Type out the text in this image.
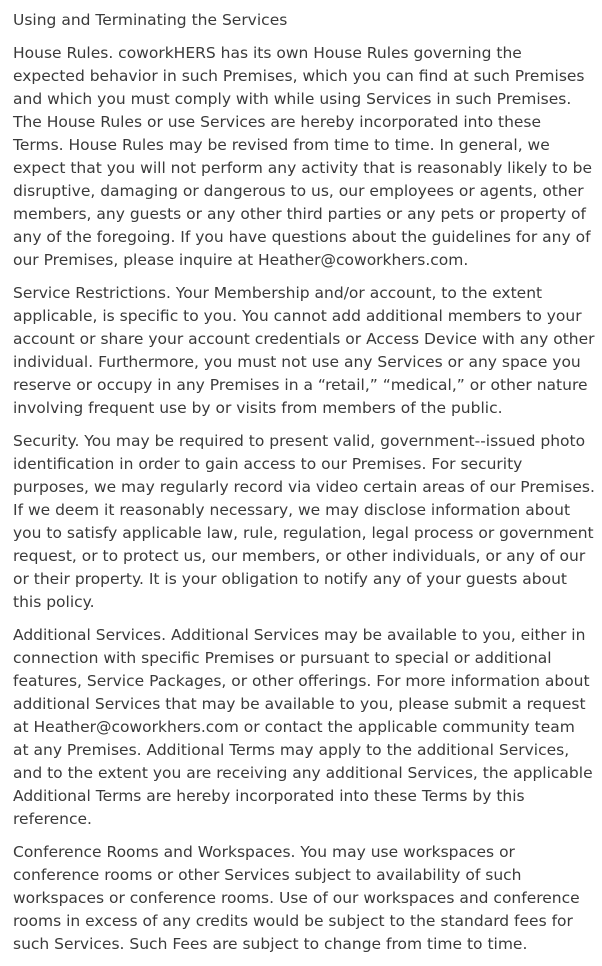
Using and Terminating the Services

House Rules. coworkHERS has its own House Rules governing the expected behavior in such Premises, which you can find at such Premises and which you must comply with while using Services in such Premises. The House Rules or use Services are hereby incorporated into these Terms. House Rules may be revised from time to time. In general, we expect that you will not perform any activity that is reasonably likely to be disruptive, damaging or dangerous to us, our employees or agents, other members, any guests or any other third parties or any pets or property of any of the foregoing. If you have questions about the guidelines for any of our Premises, please inquire at Heather@coworkhers.com.

Service Restrictions. Your Membership and/or account, to the extent applicable, is specific to you. You cannot add additional members to your account or share your account credentials or Access Device with any other individual. Furthermore, you must not use any Services or any space you reserve or occupy in any Premises in a “retail,” “medical,” or other nature involving frequent use by or visits from members of the public.

Security. You may be required to present valid, government--issued photo identification in order to gain access to our Premises. For security purposes, we may regularly record via video certain areas of our Premises. If we deem it reasonably necessary, we may disclose information about you to satisfy applicable law, rule, regulation, legal process or government request, or to protect us, our members, or other individuals, or any of our or their property. It is your obligation to notify any of your guests about this policy.

Additional Services. Additional Services may be available to you, either in connection with specific Premises or pursuant to special or additional features, Service Packages, or other offerings. For more information about additional Services that may be available to you, please submit a request at Heather@coworkhers.com or contact the applicable community team at any Premises. Additional Terms may apply to the additional Services, and to the extent you are receiving any additional Services, the applicable Additional Terms are hereby incorporated into these Terms by this reference.

Conference Rooms and Workspaces. You may use workspaces or conference rooms or other Services subject to availability of such workspaces or conference rooms. Use of our workspaces and conference rooms in excess of any credits would be subject to the standard fees for such Services. Such Fees are subject to change from time to time.
